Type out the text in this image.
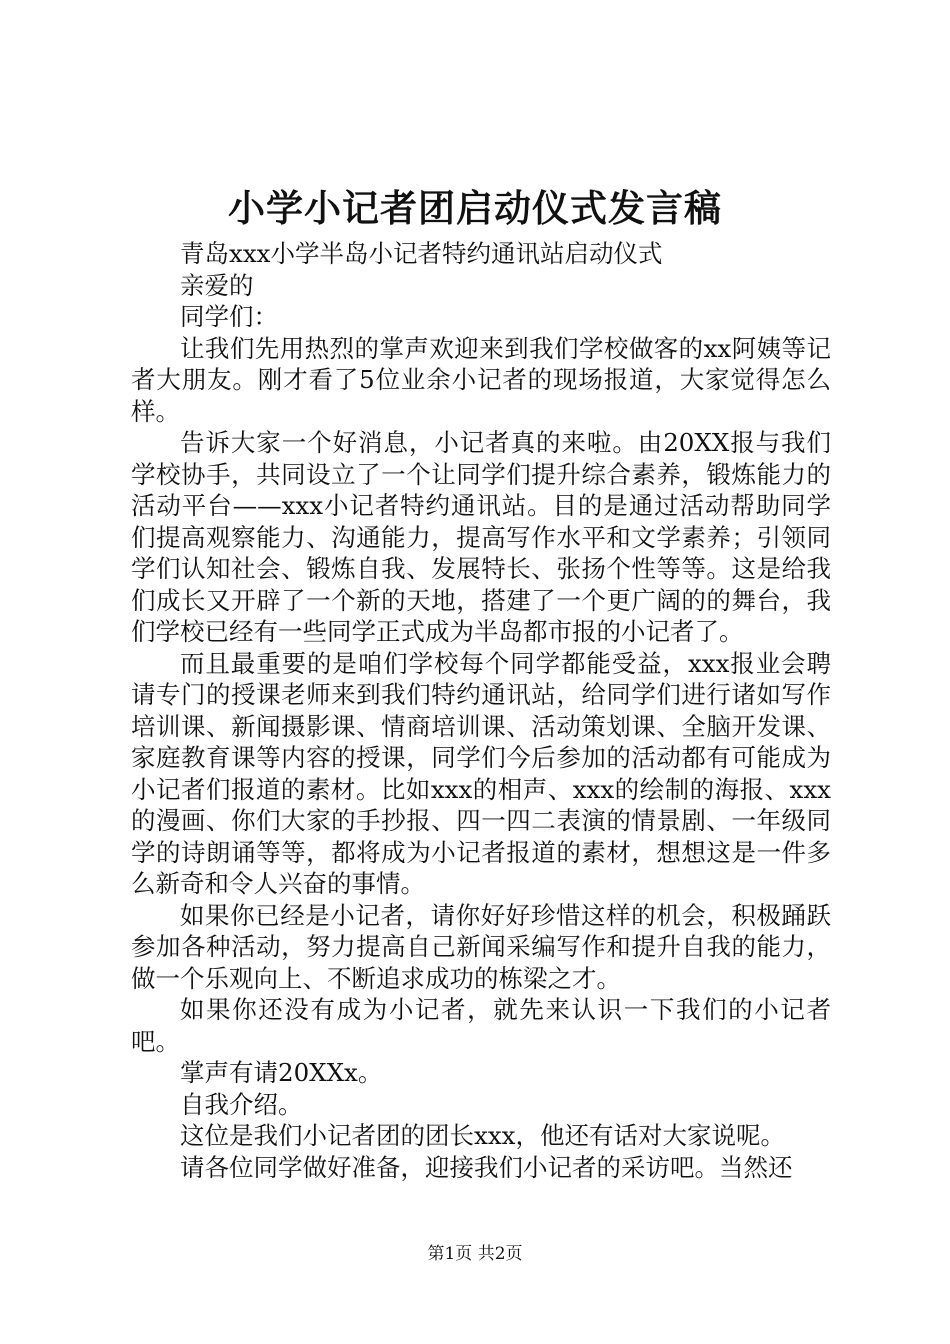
小学小记者团启动仪式发言稿

青岛xxx小学半岛小记者特约通讯站启动仪式

亲爱的

同学们：

让我们先用热烈的掌声欢迎来到我们学校做客的xx阿姨等记者大朋友。刚才看了5位业余小记者的现场报道，大家觉得怎么样。

告诉大家一个好消息，小记者真的来啦。由20XX报与我们学校协手，共同设立了一个让同学们提升综合素养，锻炼能力的活动平台——xxx小记者特约通讯站。目的是通过活动帮助同学们提高观察能力、沟通能力，提高写作水平和文学素养；引领同学们认知社会、锻炼自我、发展特长、张扬个性等等。这是给我们成长又开辟了一个新的天地，搭建了一个更广阔的的舞台，我们学校已经有一些同学正式成为半岛都市报的小记者了。

而且最重要的是咱们学校每个同学都能受益，xxx报业会聘请专门的授课老师来到我们特约通讯站，给同学们进行诸如写作培训课、新闻摄影课、情商培训课、活动策划课、全脑开发课、家庭教育课等内容的授课，同学们今后参加的活动都有可能成为小记者们报道的素材。比如xxx的相声、xxx的绘制的海报、xxx的漫画、你们大家的手抄报、四一四二表演的情景剧、一年级同学的诗朗诵等等，都将成为小记者报道的素材，想想这是一件多么新奇和令人兴奋的事情。

如果你已经是小记者，请你好好珍惜这样的机会，积极踊跃参加各种活动，努力提高自己新闻采编写作和提升自我的能力，做一个乐观向上、不断追求成功的栋梁之才。

如果你还没有成为小记者，就先来认识一下我们的小记者吧。

掌声有请20XXx。

自我介绍。

这位是我们小记者团的团长xxx，他还有话对大家说呢。

请各位同学做好准备，迎接我们小记者的采访吧。当然还

第1页 共2页
